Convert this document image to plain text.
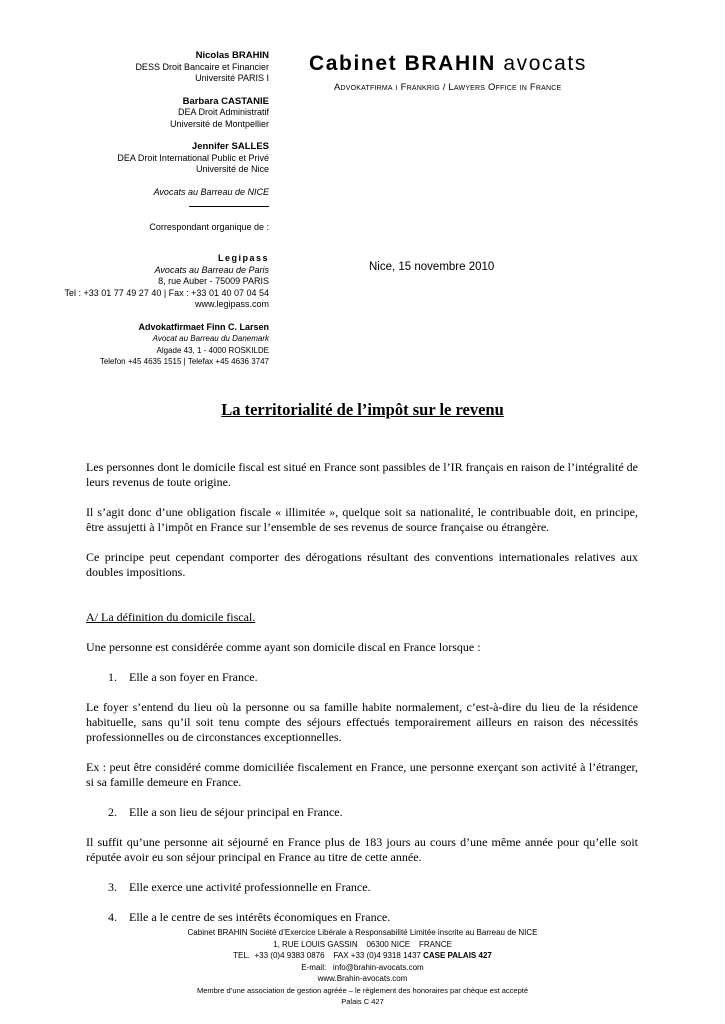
Nicolas BRAHIN
DESS Droit Bancaire et Financier
Université PARIS I
Barbara CASTANIE
DEA Droit Administratif
Université de Montpellier
Jennifer SALLES
DEA Droit International Public et Privé
Université de Nice
Avocats au Barreau de NICE
Correspondant organique de :
Legipass
Avocats au Barreau de Paris
8, rue Auber - 75009 PARIS
Tel : +33 01 77 49 27 40 | Fax : +33 01 40 07 04 54
www.legipass.com
Advokatfirmaet Finn C. Larsen
Avocat au Barreau du Danemark
Algade 43, 1 - 4000 ROSKILDE
Telefon +45 4635 1515 | Telefax +45 4636 3747
Cabinet BRAHIN avocats
Advokatfirma i Frankrig / Lawyers Office in France
Nice, 15 novembre 2010
La territorialité de l’impôt sur le revenu

Les personnes dont le domicile fiscal est situé en France sont passibles de l’IR français en raison de l’intégralité de leurs revenus de toute origine.

Il s’agit donc d’une obligation fiscale « illimitée », quelque soit sa nationalité, le contribuable doit, en principe, être assujetti à l’impôt en France sur l’ensemble de ses revenus de source française ou étrangère.

Ce principe peut cependant comporter des dérogations résultant des conventions internationales relatives aux doubles impositions.

A/ La définition du domicile fiscal.

Une personne est considérée comme ayant son domicile discal en France lorsque :

1.	Elle a son foyer en France.

Le foyer s’entend du lieu où la personne ou sa famille habite normalement, c’est-à-dire du lieu de la résidence habituelle, sans qu’il soit tenu compte des séjours effectués temporairement ailleurs en raison des nécessités professionnelles ou de circonstances exceptionnelles.

Ex : peut être considéré comme domiciliée fiscalement en France, une personne exerçant son activité à l’étranger, si sa famille demeure en France.

2.	Elle a son lieu de séjour principal en France.

Il suffit qu’une personne ait séjourné en France plus de 183 jours au cours d’une même année pour qu’elle soit réputée avoir eu son séjour principal en France au titre de cette année.

3.	Elle exerce une activité professionnelle en France.
4.	Elle a le centre de ses intérêts économiques en France.
Cabinet BRAHIN Société d’Exercice Libérale à Responsabilité Limitée inscrite au Barreau de NICE
1, RUE LOUIS GASSIN    06300 NICE    FRANCE
TEL.  +33 (0)4 9383 0876    FAX +33 (0)4 9318 1437 CASE PALAIS 427
E-mail:   info@brahin-avocats.com
www.Brahin-avocats.com
Membre d’une association de gestion agréée – le règlement des honoraires par chèque est accepté
Palais C 427
